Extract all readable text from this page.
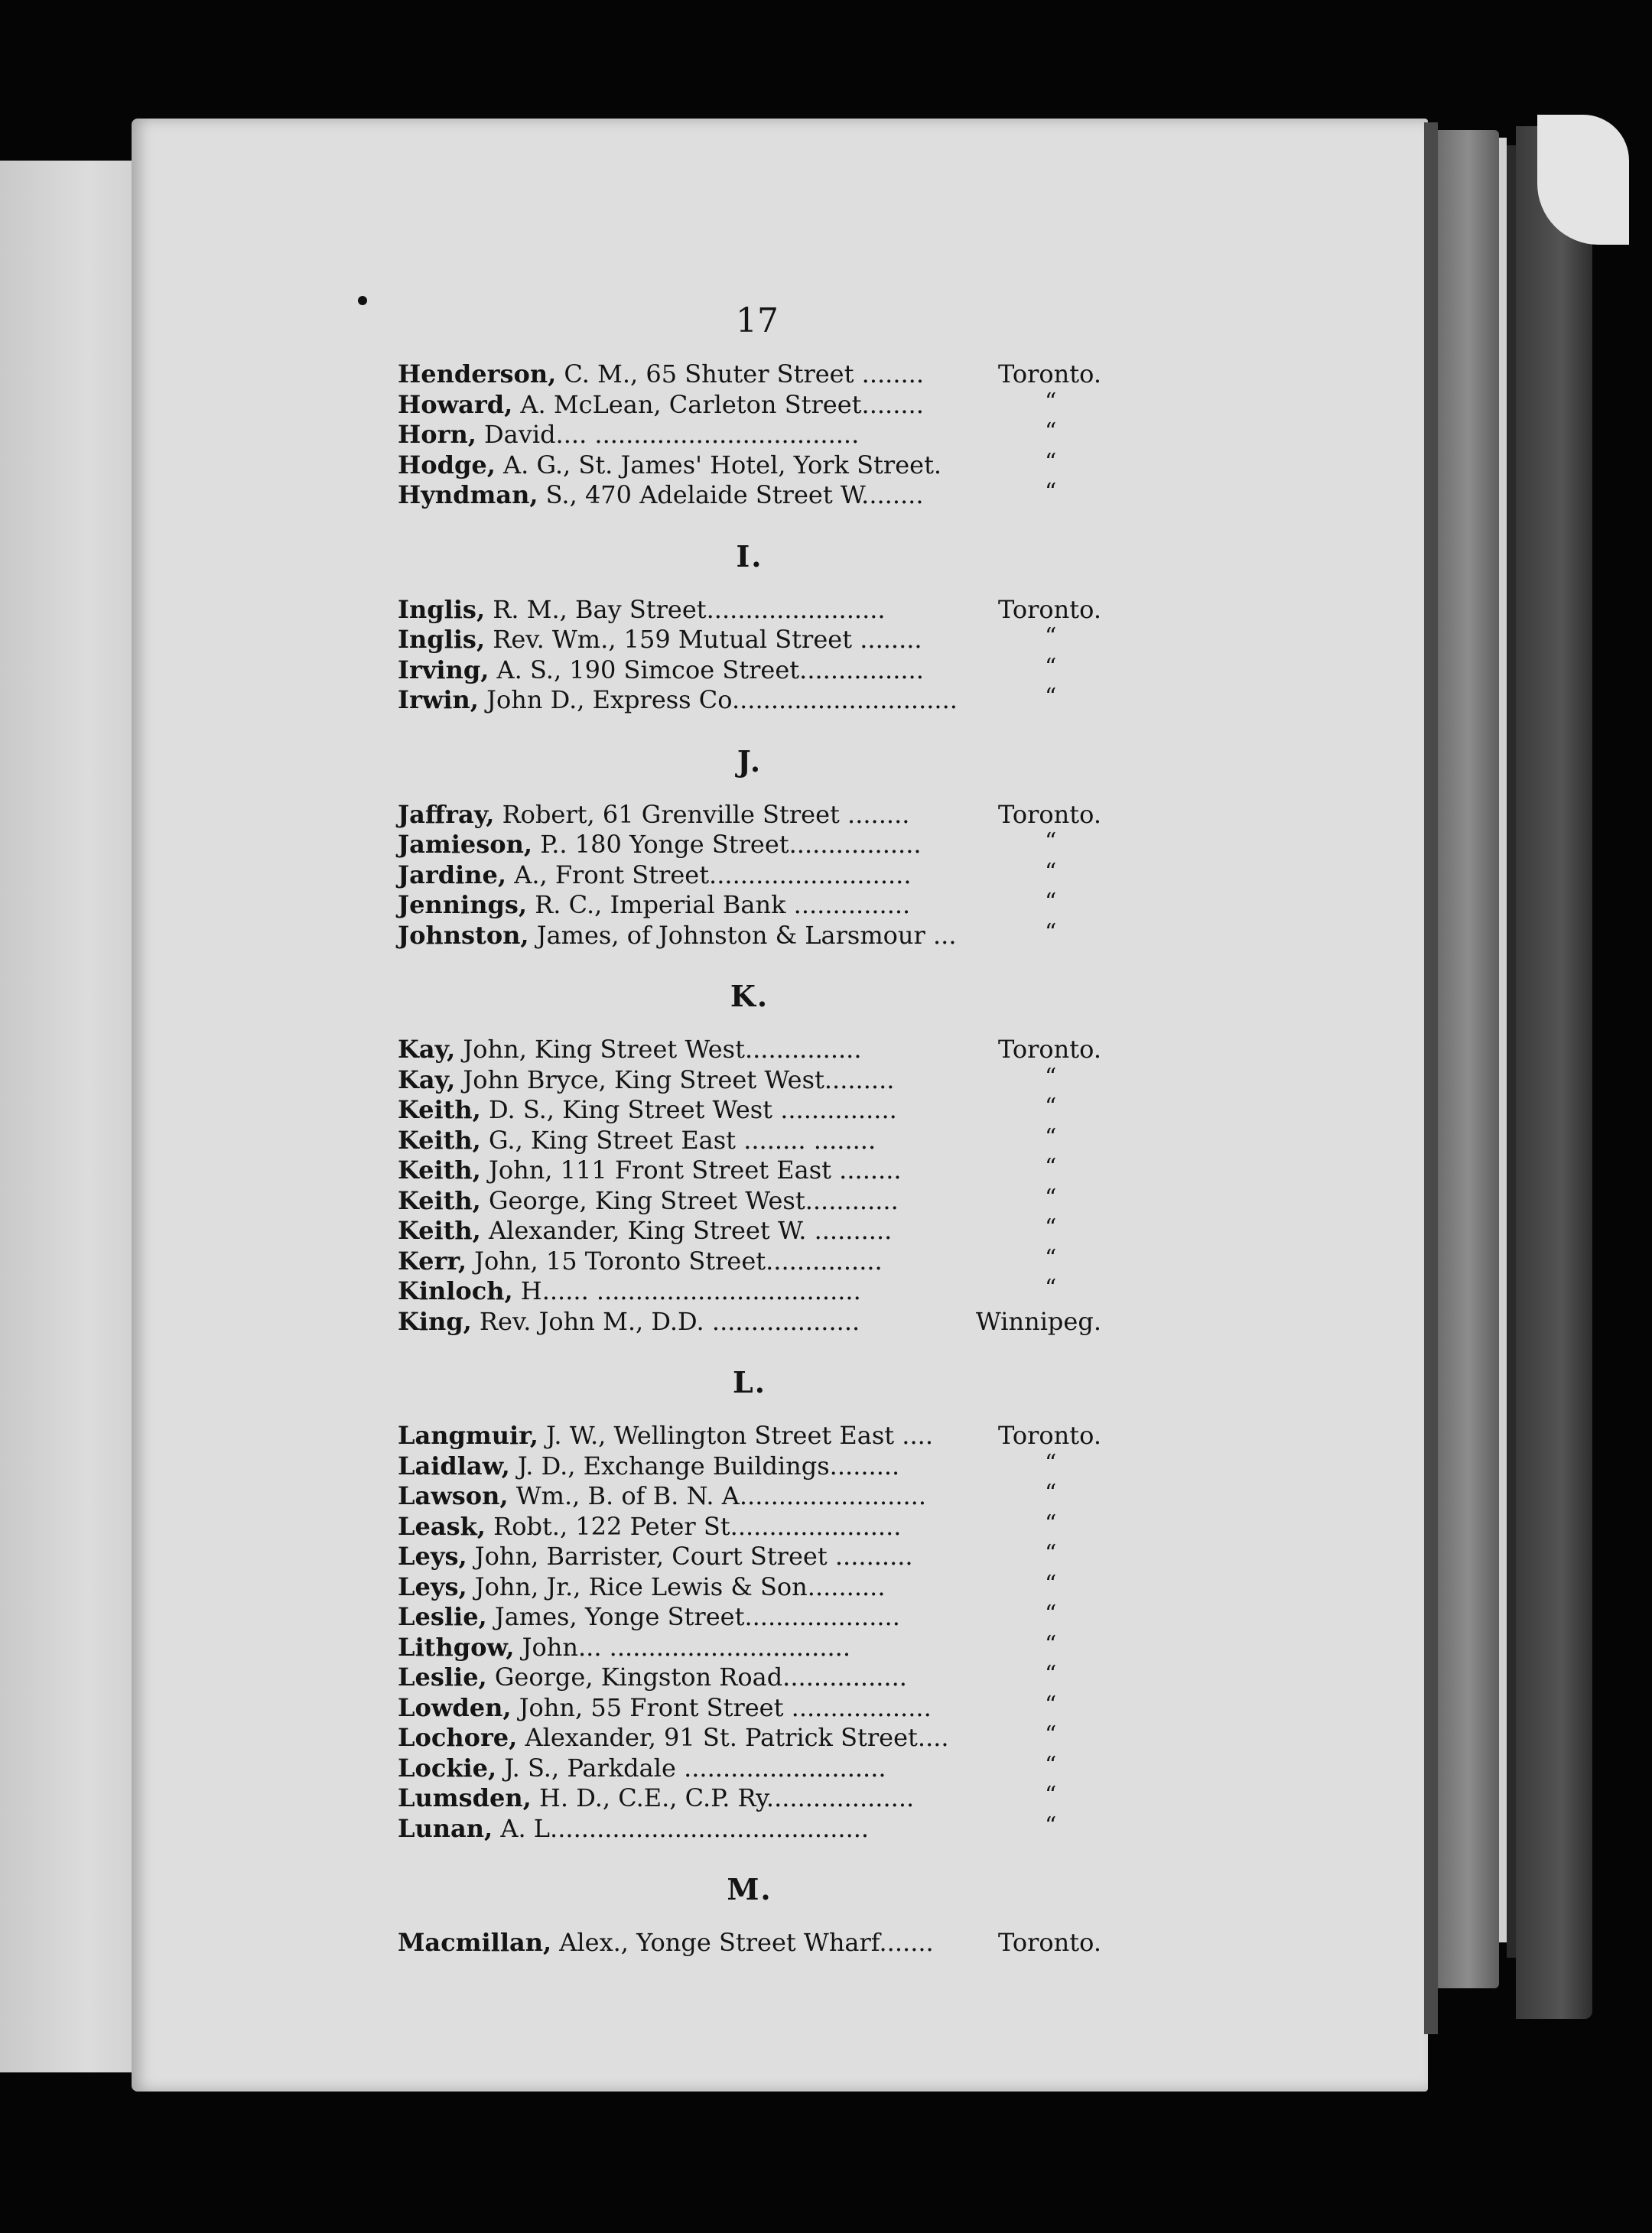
17
Henderson, C. M., 65 Shuter Street ........	Toronto.
Howard, A. McLean, Carleton Street........	“
Horn, David.... ..................................	“
Hodge, A. G., St. James' Hotel, York Street.	“
Hyndman, S., 470 Adelaide Street W........	“
I.
Inglis, R. M., Bay Street.......................	Toronto.
Inglis, Rev. Wm., 159 Mutual Street ........	“
Irving, A. S., 190 Simcoe Street................	“
Irwin, John D., Express Co.............................	“
J.
Jaffray, Robert, 61 Grenville Street ........	Toronto.
Jamieson, P.. 180 Yonge Street.................	“
Jardine, A., Front Street..........................	“
Jennings, R. C., Imperial Bank ...............	“
Johnston, James, of Johnston & Larsmour ...	“
K.
Kay, John, King Street West...............	Toronto.
Kay, John Bryce, King Street West.........	“
Keith, D. S., King Street West ...............	“
Keith, G., King Street East ........ ........	“
Keith, John, 111 Front Street East ........	“
Keith, George, King Street West............	“
Keith, Alexander, King Street W. ..........	“
Kerr, John, 15 Toronto Street...............	“
Kinloch, H...... ..................................	“
King, Rev. John M., D.D. ...................	Winnipeg.
L.
Langmuir, J. W., Wellington Street East ....	Toronto.
Laidlaw, J. D., Exchange Buildings.........	“
Lawson, Wm., B. of B. N. A........................	“
Leask, Robt., 122 Peter St......................	“
Leys, John, Barrister, Court Street ..........	“
Leys, John, Jr., Rice Lewis & Son..........	“
Leslie, James, Yonge Street....................	“
Lithgow, John... ...............................	“
Leslie, George, Kingston Road................	“
Lowden, John, 55 Front Street ..................	“
Lochore, Alexander, 91 St. Patrick Street....	“
Lockie, J. S., Parkdale ..........................	“
Lumsden, H. D., C.E., C.P. Ry...................	“
Lunan, A. L.........................................	“
M.
Macmillan, Alex., Yonge Street Wharf.......	Toronto.
